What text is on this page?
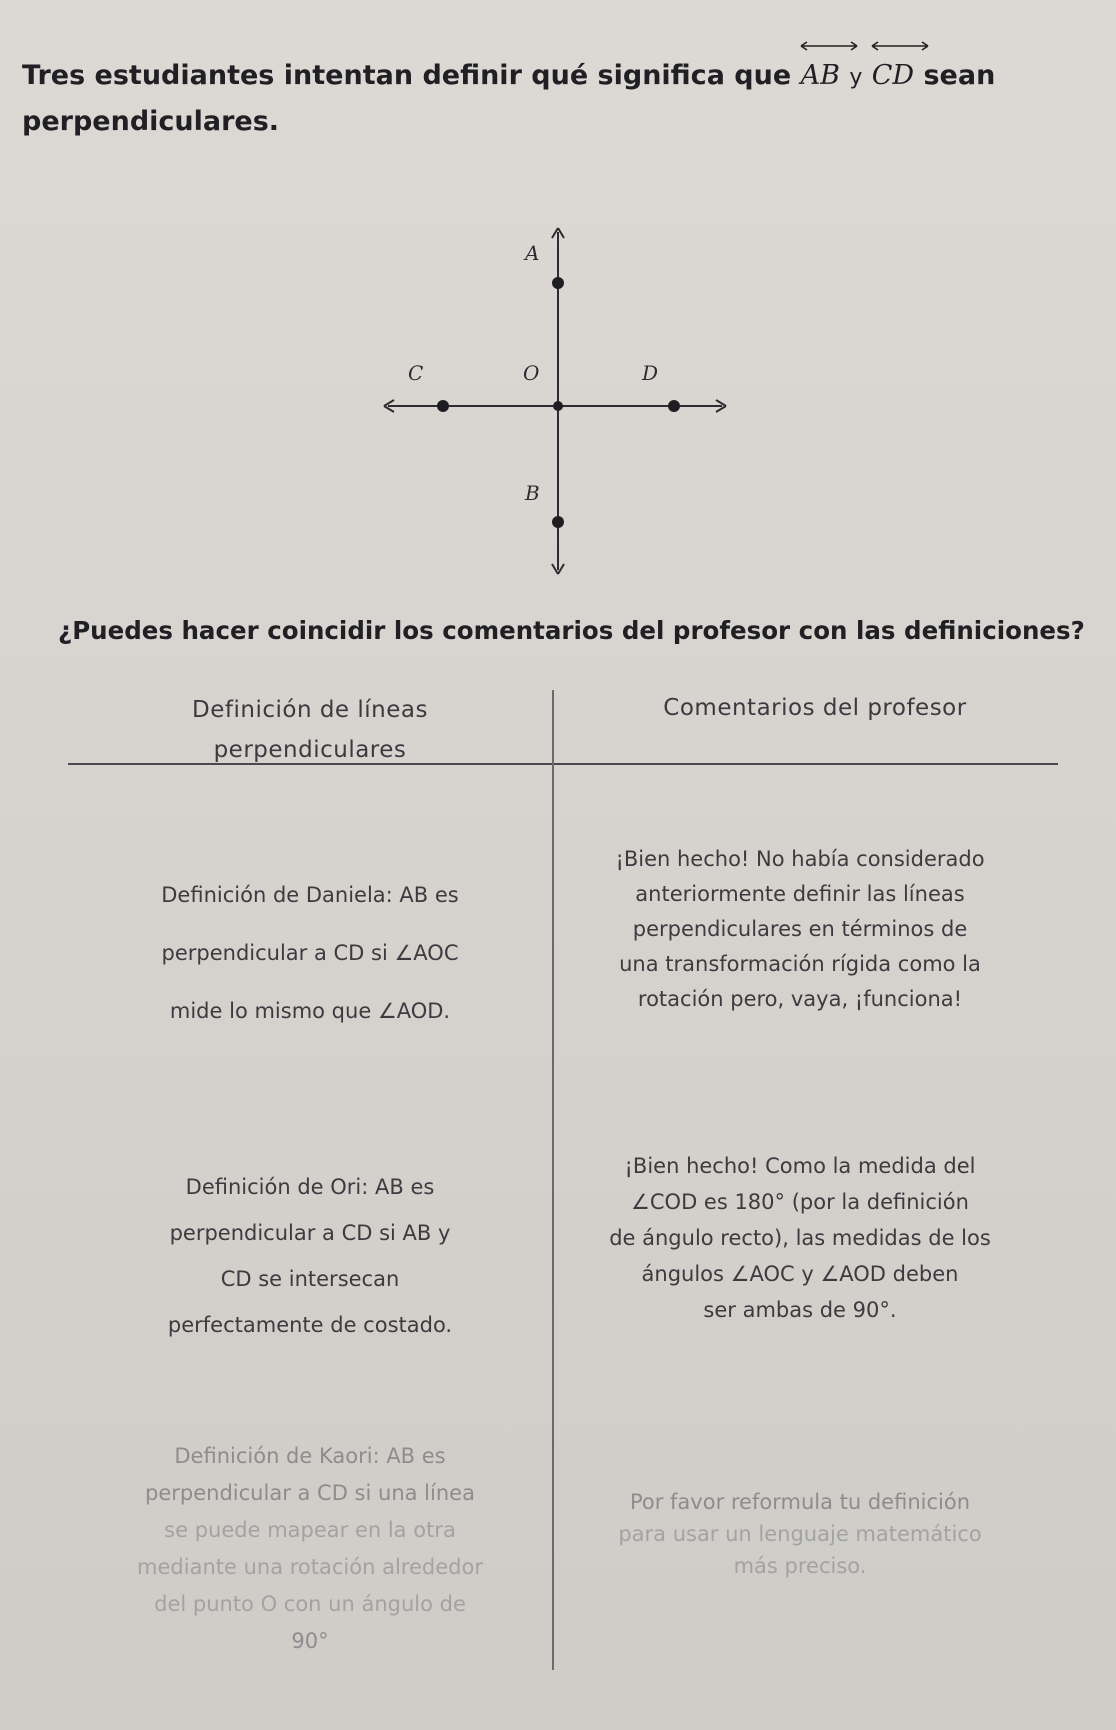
Tres estudiantes intentan definir qué significa que AB y CD sean
perpendiculares.
A
B
C	O	D
¿Puedes hacer coincidir los comentarios del profesor con las definiciones?
Definición de líneas
perpendiculares
Comentarios del profesor
Definición de Daniela: AB es
perpendicular a CD si ∠AOC
mide lo mismo que ∠AOD.
¡Bien hecho! No había considerado
anteriormente definir las líneas
perpendiculares en términos de
una transformación rígida como la
rotación pero, vaya, ¡funciona!
Definición de Ori: AB es
perpendicular a CD si AB y
CD se intersecan
perfectamente de costado.
¡Bien hecho! Como la medida del
∠COD es 180° (por la definición
de ángulo recto), las medidas de los
ángulos ∠AOC y ∠AOD deben
ser ambas de 90°.
Definición de Kaori: AB es
perpendicular a CD si una línea
se puede mapear en la otra
mediante una rotación alrededor
del punto O con un ángulo de
90°
Por favor reformula tu definición
para usar un lenguaje matemático
más preciso.
